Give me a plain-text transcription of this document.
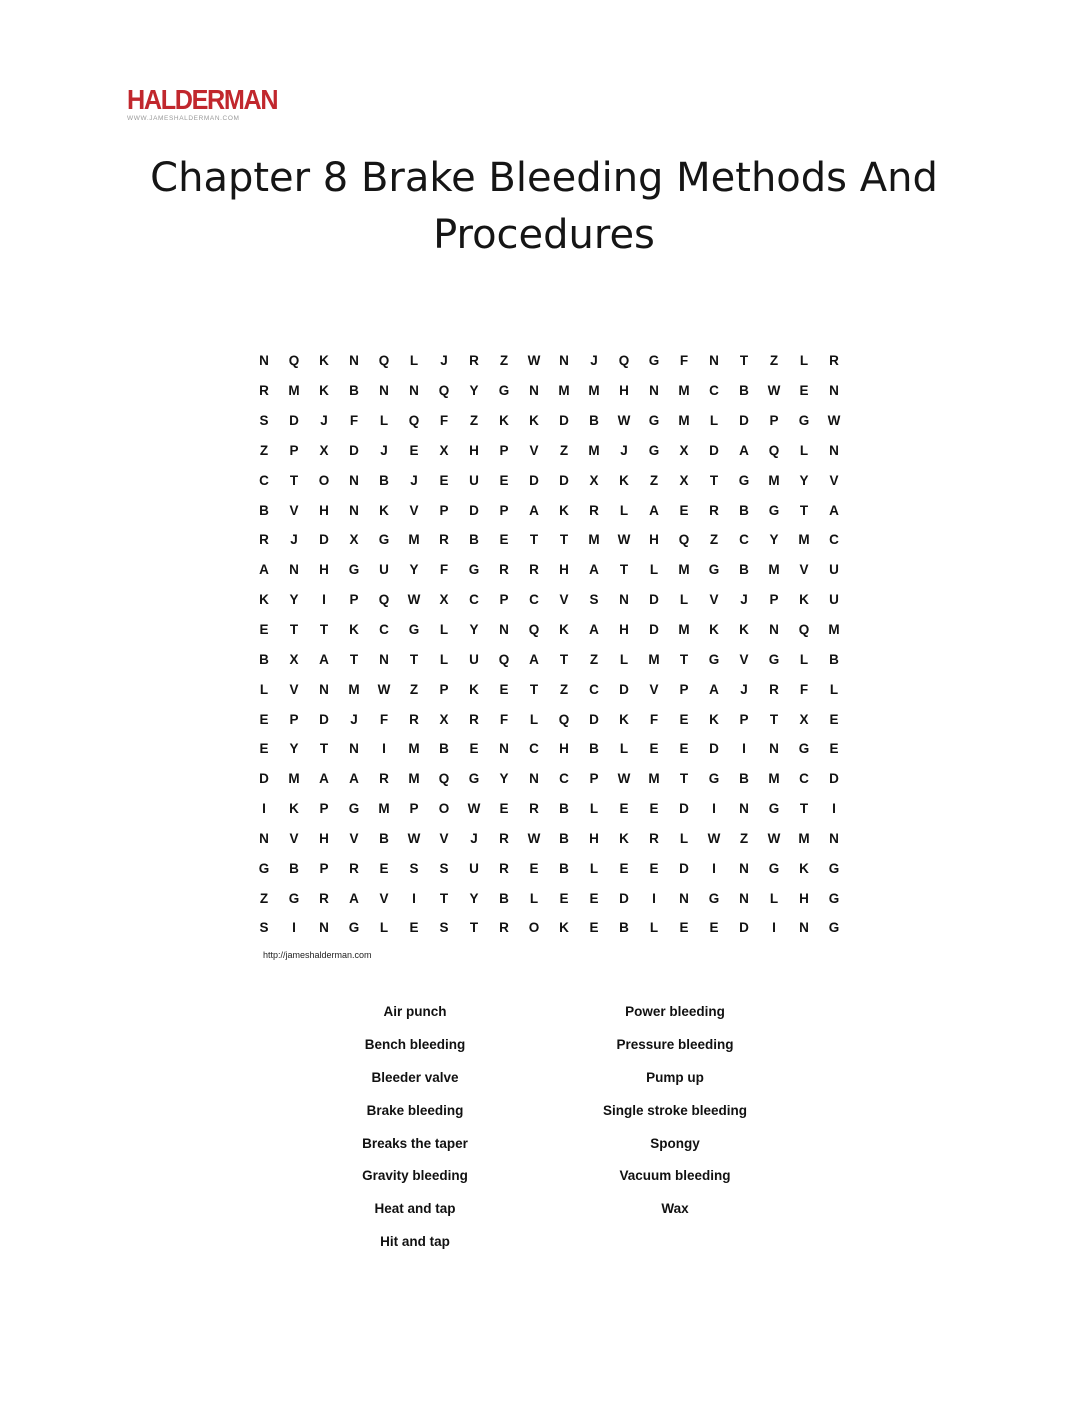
HALDERMAN
WWW.JAMESHALDERMAN.COM
Chapter 8 Brake Bleeding Methods And
Procedures
N	Q	K	N	Q	L	J	R	Z	W	N	J	Q	G	F	N	T	Z	L	R
R	M	K	B	N	N	Q	Y	G	N	M	M	H	N	M	C	B	W	E	N
S	D	J	F	L	Q	F	Z	K	K	D	B	W	G	M	L	D	P	G	W
Z	P	X	D	J	E	X	H	P	V	Z	M	J	G	X	D	A	Q	L	N
C	T	O	N	B	J	E	U	E	D	D	X	K	Z	X	T	G	M	Y	V
B	V	H	N	K	V	P	D	P	A	K	R	L	A	E	R	B	G	T	A
R	J	D	X	G	M	R	B	E	T	T	M	W	H	Q	Z	C	Y	M	C
A	N	H	G	U	Y	F	G	R	R	H	A	T	L	M	G	B	M	V	U
K	Y	I	P	Q	W	X	C	P	C	V	S	N	D	L	V	J	P	K	U
E	T	T	K	C	G	L	Y	N	Q	K	A	H	D	M	K	K	N	Q	M
B	X	A	T	N	T	L	U	Q	A	T	Z	L	M	T	G	V	G	L	B
L	V	N	M	W	Z	P	K	E	T	Z	C	D	V	P	A	J	R	F	L
E	P	D	J	F	R	X	R	F	L	Q	D	K	F	E	K	P	T	X	E
E	Y	T	N	I	M	B	E	N	C	H	B	L	E	E	D	I	N	G	E
D	M	A	A	R	M	Q	G	Y	N	C	P	W	M	T	G	B	M	C	D
I	K	P	G	M	P	O	W	E	R	B	L	E	E	D	I	N	G	T	I
N	V	H	V	B	W	V	J	R	W	B	H	K	R	L	W	Z	W	M	N
G	B	P	R	E	S	S	U	R	E	B	L	E	E	D	I	N	G	K	G
Z	G	R	A	V	I	T	Y	B	L	E	E	D	I	N	G	N	L	H	G
S	I	N	G	L	E	S	T	R	O	K	E	B	L	E	E	D	I	N	G
http://jameshalderman.com
Air punch
Bench bleeding
Bleeder valve
Brake bleeding
Breaks the taper
Gravity bleeding
Heat and tap
Hit and tap
Power bleeding
Pressure bleeding
Pump up
Single stroke bleeding
Spongy
Vacuum bleeding
Wax
